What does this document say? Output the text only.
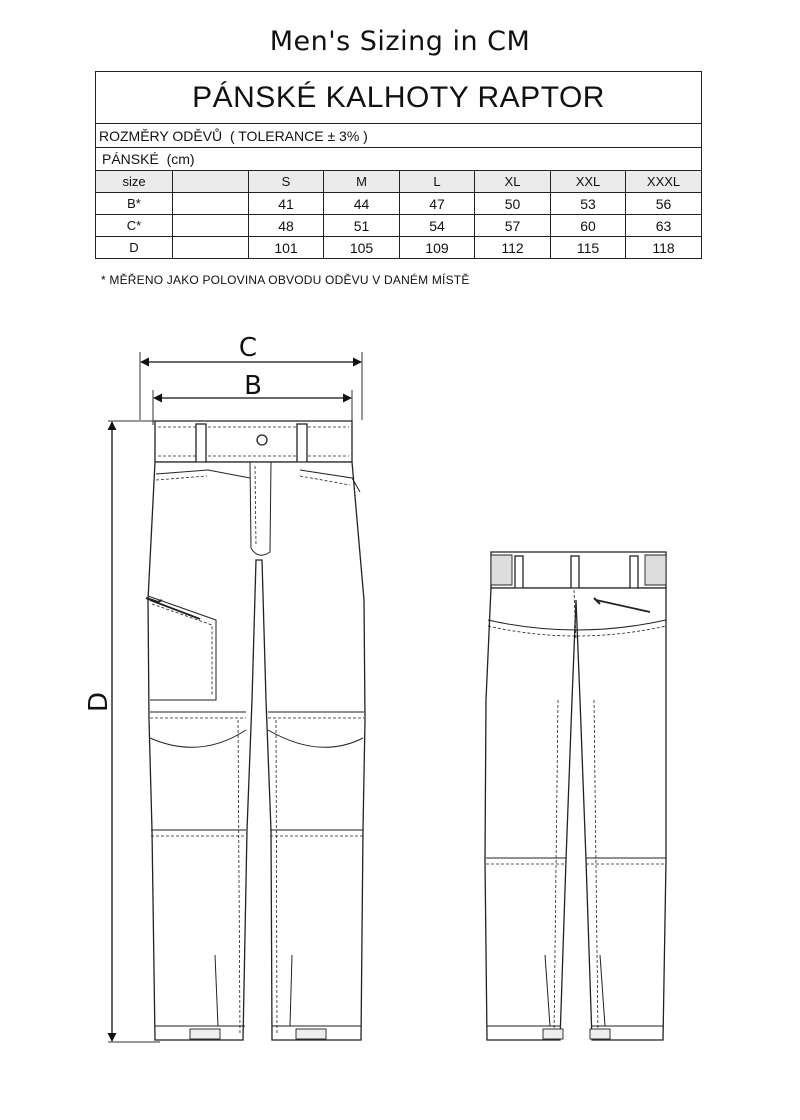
Men's Sizing in CM
PÁNSKÉ KALHOTY RAPTOR							
ROZMĚRY ODĚVŮ ( TOLERANCE ± 3% )							
PÁNSKÉ (cm)							
size		S	M	L	XL	XXL	XXXL
B*		41	44	47	50	53	56
C*		48	51	54	57	60	63
D		101	105	109	112	115	118
* MĚŘENO JAKO POLOVINA OBVODU ODĚVU V DANÉM MÍSTĚ
C
B
D
